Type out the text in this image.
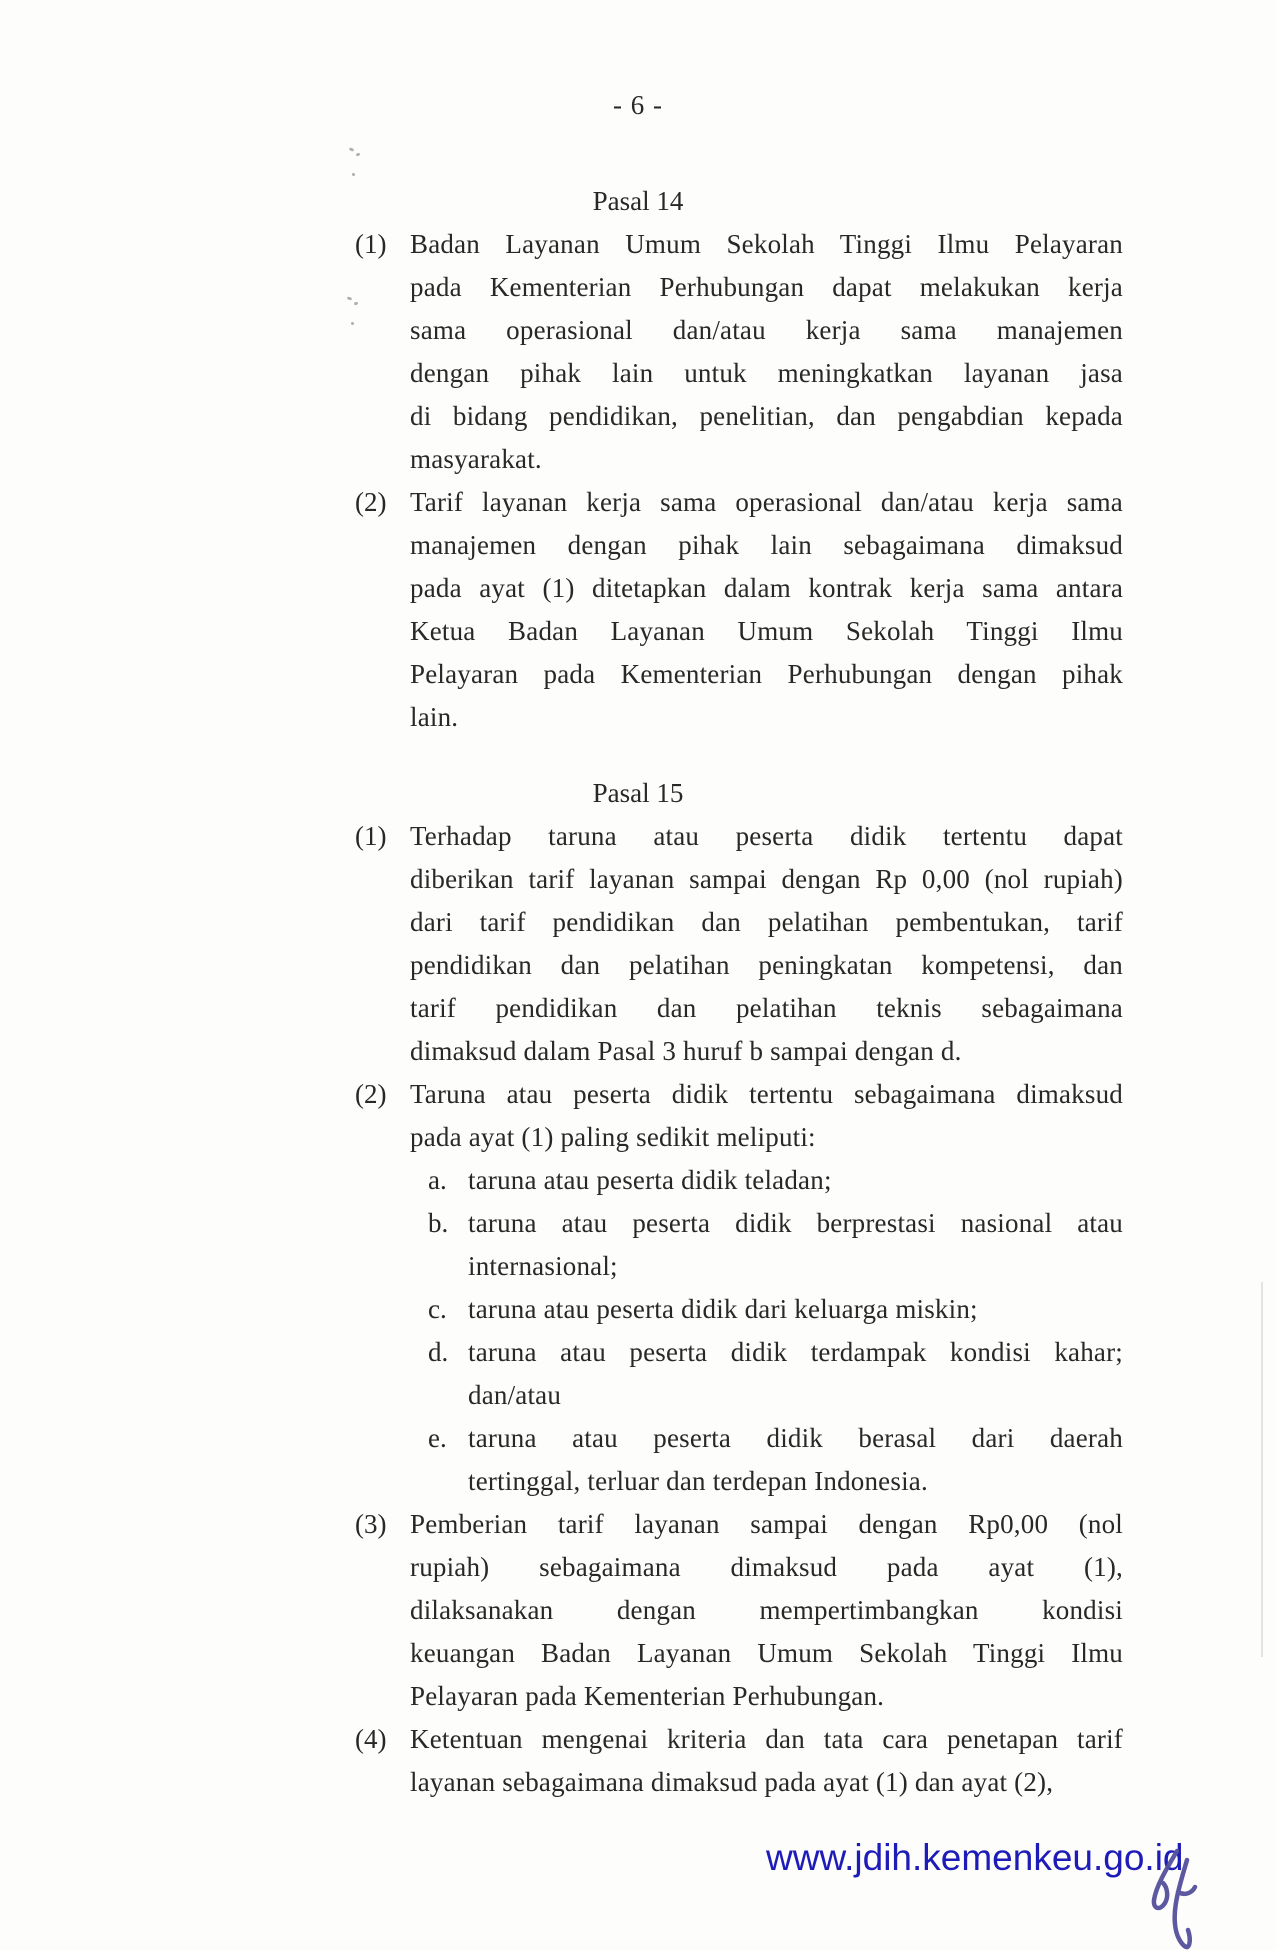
- 6 -
Pasal 14
(1) Badan Layanan Umum Sekolah Tinggi Ilmu Pelayaran
pada Kementerian Perhubungan dapat melakukan kerja
sama operasional dan/atau kerja sama manajemen
dengan pihak lain untuk meningkatkan layanan jasa
di bidang pendidikan, penelitian, dan pengabdian kepada
masyarakat.
(2) Tarif layanan kerja sama operasional dan/atau kerja sama
manajemen dengan pihak lain sebagaimana dimaksud
pada ayat (1) ditetapkan dalam kontrak kerja sama antara
Ketua Badan Layanan Umum Sekolah Tinggi Ilmu
Pelayaran pada Kementerian Perhubungan dengan pihak
lain.
Pasal 15
(1) Terhadap taruna atau peserta didik tertentu dapat
diberikan tarif layanan sampai dengan Rp 0,00 (nol rupiah)
dari tarif pendidikan dan pelatihan pembentukan, tarif
pendidikan dan pelatihan peningkatan kompetensi, dan
tarif pendidikan dan pelatihan teknis sebagaimana
dimaksud dalam Pasal 3 huruf b sampai dengan d.
(2) Taruna atau peserta didik tertentu sebagaimana dimaksud
pada ayat (1) paling sedikit meliputi:
a. taruna atau peserta didik teladan;
b. taruna atau peserta didik berprestasi nasional atau
internasional;
c. taruna atau peserta didik dari keluarga miskin;
d. taruna atau peserta didik terdampak kondisi kahar;
dan/atau
e. taruna atau peserta didik berasal dari daerah
tertinggal, terluar dan terdepan Indonesia.
(3) Pemberian tarif layanan sampai dengan Rp0,00 (nol
rupiah) sebagaimana dimaksud pada ayat (1),
dilaksanakan dengan mempertimbangkan kondisi
keuangan Badan Layanan Umum Sekolah Tinggi Ilmu
Pelayaran pada Kementerian Perhubungan.
(4) Ketentuan mengenai kriteria dan tata cara penetapan tarif
layanan sebagaimana dimaksud pada ayat (1) dan ayat (2),
www.jdih.kemenkeu.go.id
